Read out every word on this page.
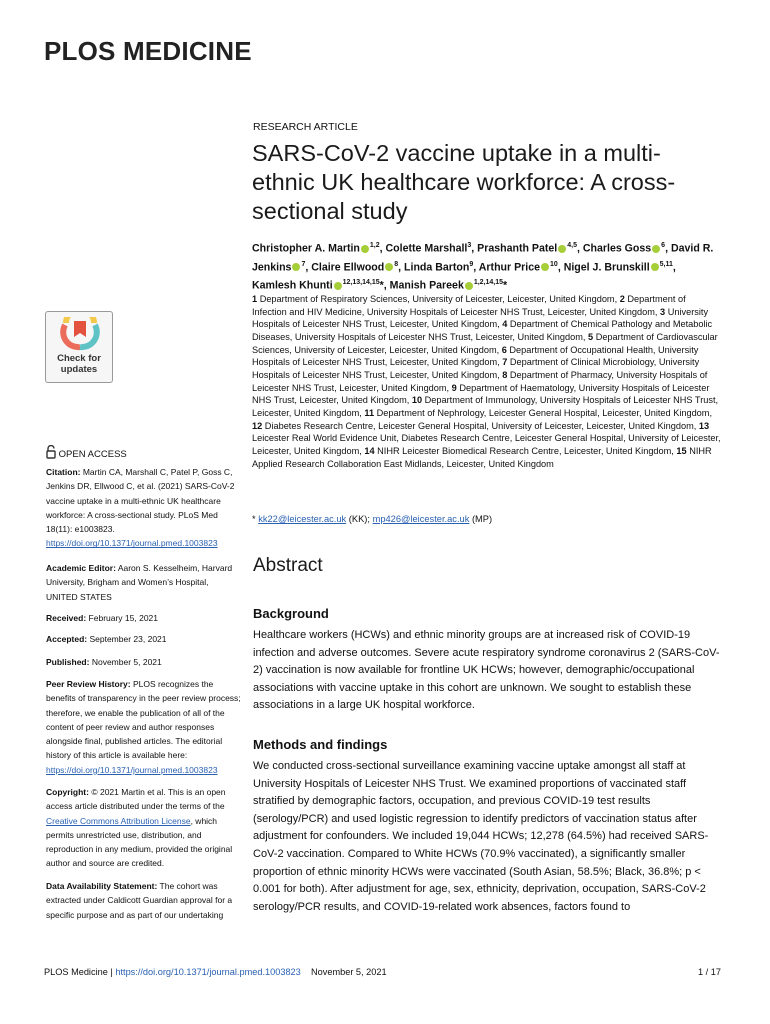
PLOS MEDICINE
RESEARCH ARTICLE
SARS-CoV-2 vaccine uptake in a multi-ethnic UK healthcare workforce: A cross-sectional study
Christopher A. Martin $^{1,2}$, Colette Marshall$^3$, Prashanth Patel $^{4,5}$, Charles Goss $^6$, David R. Jenkins $^7$, Claire Ellwood $^8$, Linda Barton$^9$, Arthur Price $^{10}$, Nigel J. Brunskill $^{5,11}$, Kamlesh Khunti $^{12,13,14,15}$*, Manish Pareek $^{1,2,14,15}$*
1 Department of Respiratory Sciences, University of Leicester, Leicester, United Kingdom, 2 Department of Infection and HIV Medicine, University Hospitals of Leicester NHS Trust, Leicester, United Kingdom, 3 University Hospitals of Leicester NHS Trust, Leicester, United Kingdom, 4 Department of Chemical Pathology and Metabolic Diseases, University Hospitals of Leicester NHS Trust, Leicester, United Kingdom, 5 Department of Cardiovascular Sciences, University of Leicester, Leicester, United Kingdom, 6 Department of Occupational Health, University Hospitals of Leicester NHS Trust, Leicester, United Kingdom, 7 Department of Clinical Microbiology, University Hospitals of Leicester NHS Trust, Leicester, United Kingdom, 8 Department of Pharmacy, University Hospitals of Leicester NHS Trust, Leicester, United Kingdom, 9 Department of Haematology, University Hospitals of Leicester NHS Trust, Leicester, United Kingdom, 10 Department of Immunology, University Hospitals of Leicester NHS Trust, Leicester, United Kingdom, 11 Department of Nephrology, Leicester General Hospital, Leicester, United Kingdom, 12 Diabetes Research Centre, Leicester General Hospital, University of Leicester, Leicester, United Kingdom, 13 Leicester Real World Evidence Unit, Diabetes Research Centre, Leicester General Hospital, University of Leicester, Leicester, United Kingdom, 14 NIHR Leicester Biomedical Research Centre, Leicester, United Kingdom, 15 NIHR Applied Research Collaboration East Midlands, Leicester, United Kingdom
* kk22@leicester.ac.uk (KK); mp426@leicester.ac.uk (MP)
Check for
updates
OPEN ACCESS
Citation: Martin CA, Marshall C, Patel P, Goss C, Jenkins DR, Ellwood C, et al. (2021) SARS-CoV-2 vaccine uptake in a multi-ethnic UK healthcare workforce: A cross-sectional study. PLoS Med 18(11): e1003823. https://doi.org/10.1371/journal.pmed.1003823
Academic Editor: Aaron S. Kesselheim, Harvard University, Brigham and Women’s Hospital, UNITED STATES
Received: February 15, 2021
Accepted: September 23, 2021
Published: November 5, 2021
Peer Review History: PLOS recognizes the benefits of transparency in the peer review process; therefore, we enable the publication of all of the content of peer review and author responses alongside final, published articles. The editorial history of this article is available here: https://doi.org/10.1371/journal.pmed.1003823
Copyright: © 2021 Martin et al. This is an open access article distributed under the terms of the Creative Commons Attribution License, which permits unrestricted use, distribution, and reproduction in any medium, provided the original author and source are credited.
Data Availability Statement: The cohort was extracted under Caldicott Guardian approval for a specific purpose and as part of our undertaking
Abstract
Background
Healthcare workers (HCWs) and ethnic minority groups are at increased risk of COVID-19 infection and adverse outcomes. Severe acute respiratory syndrome coronavirus 2 (SARS-CoV-2) vaccination is now available for frontline UK HCWs; however, demographic/occupational associations with vaccine uptake in this cohort are unknown. We sought to establish these associations in a large UK hospital workforce.
Methods and findings
We conducted cross-sectional surveillance examining vaccine uptake amongst all staff at University Hospitals of Leicester NHS Trust. We examined proportions of vaccinated staff stratified by demographic factors, occupation, and previous COVID-19 test results (serology/PCR) and used logistic regression to identify predictors of vaccination status after adjustment for confounders. We included 19,044 HCWs; 12,278 (64.5%) had received SARS-CoV-2 vaccination. Compared to White HCWs (70.9% vaccinated), a significantly smaller proportion of ethnic minority HCWs were vaccinated (South Asian, 58.5%; Black, 36.8%; p < 0.001 for both). After adjustment for age, sex, ethnicity, deprivation, occupation, SARS-CoV-2 serology/PCR results, and COVID-19-related work absences, factors found to
PLOS Medicine | https://doi.org/10.1371/journal.pmed.1003823 November 5, 2021	1 / 17
